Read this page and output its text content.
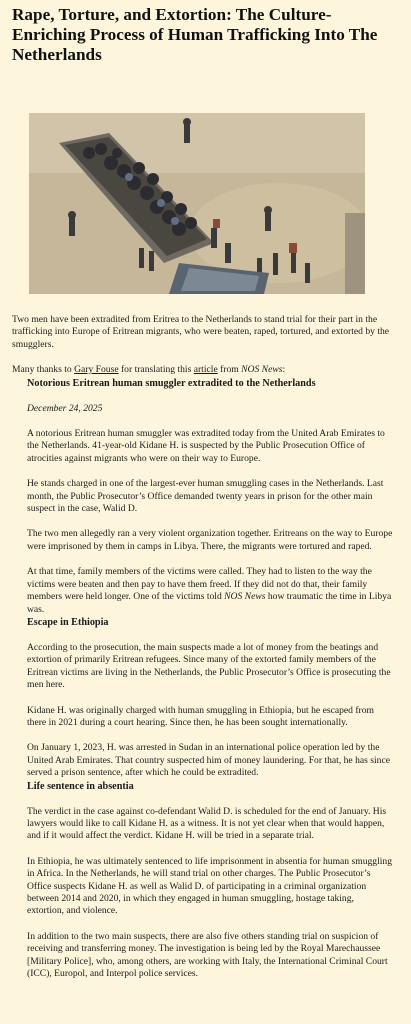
Rape, Torture, and Extortion: The Culture-Enriching Process of Human Trafficking Into The Netherlands

Two men have been extradited from Eritrea to the Netherlands to stand trial for their part in the trafficking into Europe of Eritrean migrants, who were beaten, raped, tortured, and extorted by the smugglers.

Many thanks to Gary Fouse for translating this article from NOS News:

Notorious Eritrean human smuggler extradited to the Netherlands

December 24, 2025

A notorious Eritrean human smuggler was extradited today from the United Arab Emirates to the Netherlands. 41-year-old Kidane H. is suspected by the Public Prosecution Office of atrocities against migrants who were on their way to Europe.

He stands charged in one of the largest-ever human smuggling cases in the Netherlands. Last month, the Public Prosecutor’s Office demanded twenty years in prison for the other main suspect in the case, Walid D.

The two men allegedly ran a very violent organization together. Eritreans on the way to Europe were imprisoned by them in camps in Libya. There, the migrants were tortured and raped.

At that time, family members of the victims were called. They had to listen to the way the victims were beaten and then pay to have them freed. If they did not do that, their family members were held longer. One of the victims told NOS News how traumatic the time in Libya was.

Escape in Ethiopia

According to the prosecution, the main suspects made a lot of money from the beatings and extortion of primarily Eritrean refugees. Since many of the extorted family members of the Eritrean victims are living in the Netherlands, the Public Prosecutor’s Office is prosecuting the men here.

Kidane H. was originally charged with human smuggling in Ethiopia, but he escaped from there in 2021 during a court hearing. Since then, he has been sought internationally.

On January 1, 2023, H. was arrested in Sudan in an international police operation led by the United Arab Emirates. That country suspected him of money laundering. For that, he has since served a prison sentence, after which he could be extradited.

Life sentence in absentia

The verdict in the case against co-defendant Walid D. is scheduled for the end of January. His lawyers would like to call Kidane H. as a witness. It is not yet clear when that would happen, and if it would affect the verdict. Kidane H. will be tried in a separate trial.

In Ethiopia, he was ultimately sentenced to life imprisonment in absentia for human smuggling in Africa. In the Netherlands, he will stand trial on other charges. The Public Prosecutor’s Office suspects Kidane H. as well as Walid D. of participating in a criminal organization between 2014 and 2020, in which they engaged in human smuggling, hostage taking, extortion, and violence.

In addition to the two main suspects, there are also five others standing trial on suspicion of receiving and transferring money. The investigation is being led by the Royal Marechaussee [Military Police], who, among others, are working with Italy, the International Criminal Court (ICC), Europol, and Interpol police services.
